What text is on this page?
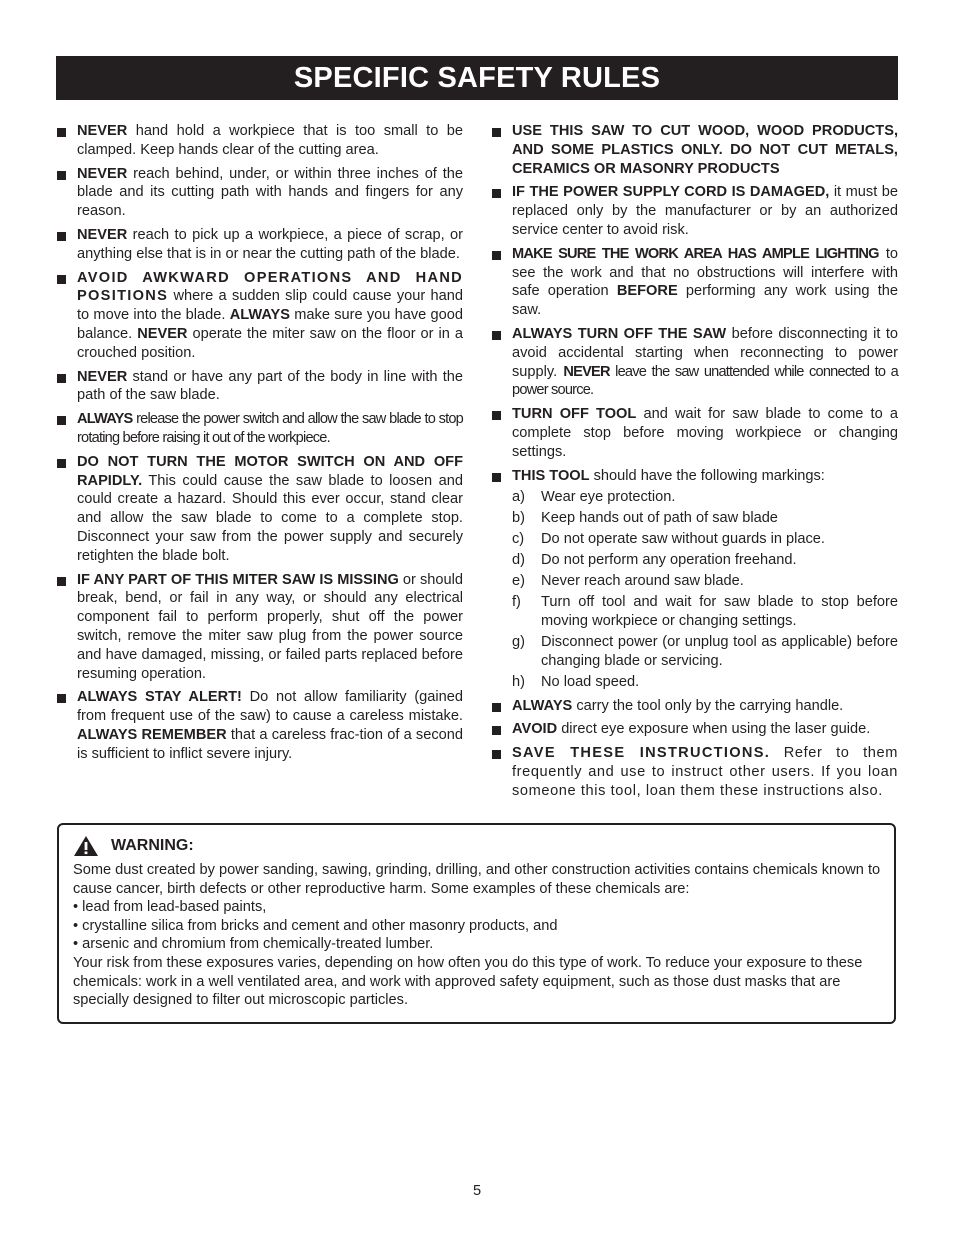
SPECIFIC SAFETY RULES
NEVER hand hold a workpiece that is too small to be clamped. Keep hands clear of the cutting area.
NEVER reach behind, under, or within three inches of the blade and its cutting path with hands and fingers for any reason.
NEVER reach to pick up a workpiece, a piece of scrap, or anything else that is in or near the cutting path of the blade.
AVOID AWKWARD OPERATIONS AND HAND POSITIONS where a sudden slip could cause your hand to move into the blade. ALWAYS make sure you have good balance. NEVER operate the miter saw on the floor or in a crouched position.
NEVER stand or have any part of the body in line with the path of the saw blade.
ALWAYS release the power switch and allow the saw blade to stop rotating before raising it out of the workpiece.
DO NOT TURN THE MOTOR SWITCH ON AND OFF RAPIDLY. This could cause the saw blade to loosen and could create a hazard. Should this ever occur, stand clear and allow the saw blade to come to a complete stop. Disconnect your saw from the power supply and securely retighten the blade bolt.
IF ANY PART OF THIS MITER SAW IS MISSING or should break, bend, or fail in any way, or should any electrical component fail to perform properly, shut off the power switch, remove the miter saw plug from the power source and have damaged, missing, or failed parts replaced before resuming operation.
ALWAYS STAY ALERT! Do not allow familiarity (gained from frequent use of the saw) to cause a careless mistake. ALWAYS REMEMBER that a careless frac-tion of a second is sufficient to inflict severe injury.
USE THIS SAW TO CUT WOOD, WOOD PRODUCTS, AND SOME PLASTICS ONLY. DO NOT CUT METALS, CERAMICS OR MASONRY PRODUCTS
IF THE POWER SUPPLY CORD IS DAMAGED, it must be replaced only by the manufacturer or by an authorized service center to avoid risk.
MAKE SURE THE WORK AREA HAS AMPLE LIGHTING to see the work and that no obstructions will interfere with safe operation BEFORE performing any work using the saw.
ALWAYS TURN OFF THE SAW before disconnecting it to avoid accidental starting when reconnecting to power supply. NEVER leave the saw unattended while connected to a power source.
TURN OFF TOOL and wait for saw blade to come to a complete stop before moving workpiece or changing settings.
THIS TOOL should have the following markings:
a) Wear eye protection.
b) Keep hands out of path of saw blade
c) Do not operate saw without guards in place.
d) Do not perform any operation freehand.
e) Never reach around saw blade.
f) Turn off tool and wait for saw blade to stop before moving workpiece or changing settings.
g) Disconnect power (or unplug tool as applicable) before changing blade or servicing.
h) No load speed.
ALWAYS carry the tool only by the carrying handle.
AVOID direct eye exposure when using the laser guide.
SAVE THESE INSTRUCTIONS. Refer to them frequently and use to instruct other users. If you loan someone this tool, loan them these instructions also.
WARNING:
Some dust created by power sanding, sawing, grinding, drilling, and other construction activities contains chemicals known to cause cancer, birth defects or other reproductive harm. Some examples of these chemicals are:
• lead from lead-based paints,
• crystalline silica from bricks and cement and other masonry products, and
• arsenic and chromium from chemically-treated lumber.
Your risk from these exposures varies, depending on how often you do this type of work. To reduce your exposure to these chemicals: work in a well ventilated area, and work with approved safety equipment, such as those dust masks that are specially designed to filter out microscopic particles.
5
